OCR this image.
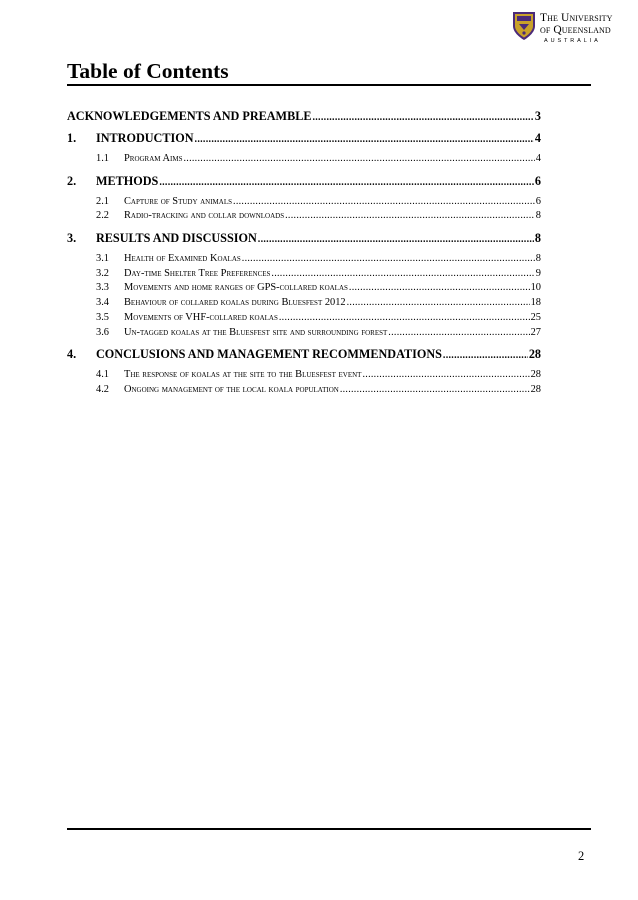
The University
of Queensland
AUSTRALIA
Table of Contents
ACKNOWLEDGEMENTS AND PREAMBLE .....	3
1. INTRODUCTION .....	4
1.1 Program Aims .....	4
2. METHODS .....	6
2.1 Capture of Study animals .....	6
2.2 Radio-tracking and collar downloads .....	8
3. RESULTS AND DISCUSSION .....	8
3.1 Health of Examined Koalas .....	8
3.2 Day-time Shelter Tree Preferences .....	9
3.3 Movements and home ranges of GPS-collared koalas .....	10
3.4 Behaviour of collared koalas during Bluesfest 2012 .....	18
3.5 Movements of VHF-collared koalas .....	25
3.6 Un-tagged koalas at the Bluesfest site and surrounding forest .....	27
4. CONCLUSIONS AND MANAGEMENT RECOMMENDATIONS .....	28
4.1 The response of koalas at the site to the Bluesfest event .....	28
4.2 Ongoing management of the local koala population .....	28
2
